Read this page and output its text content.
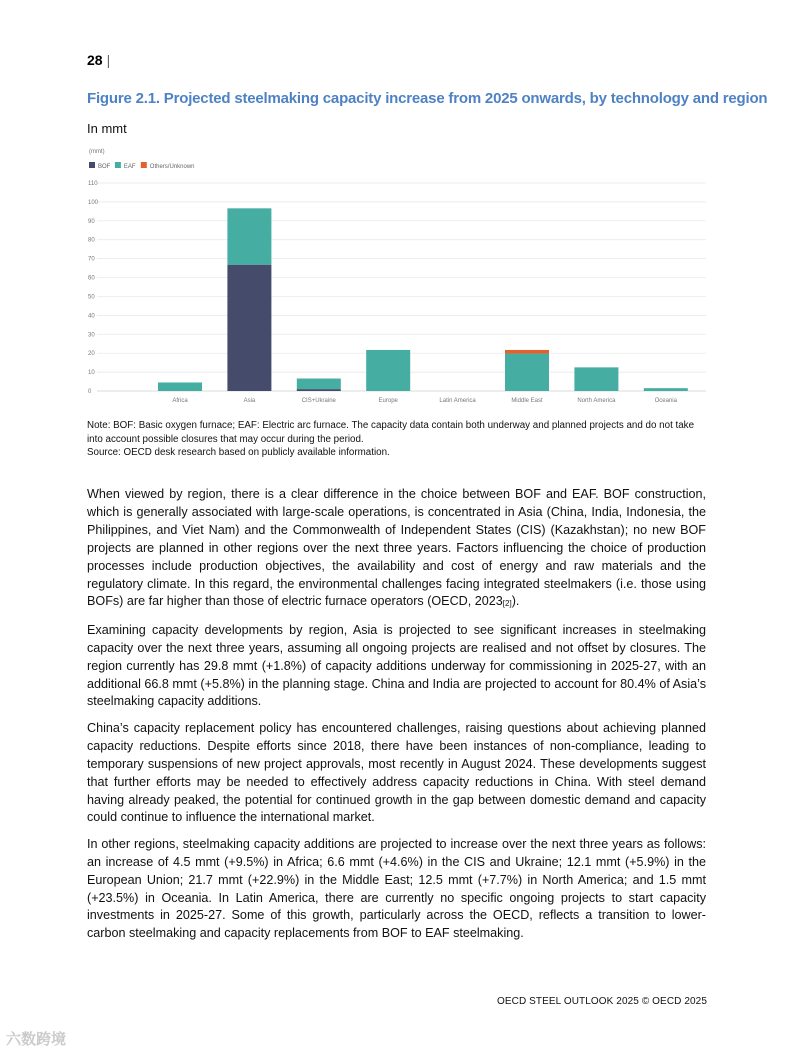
28 |
Figure 2.1. Projected steelmaking capacity increase from 2025 onwards, by technology and region
In mmt
(mmt)
BOF EAF Others/Unknown
0
10
20
30
40
50
60
70
80
90
100
110
Africa	Asia	CIS+Ukraine	Europe	Latin America	Middle East	North America	Oceania
Note: BOF: Basic oxygen furnace; EAF: Electric arc furnace. The capacity data contain both underway and planned projects and do not take
into account possible closures that may occur during the period.
Source: OECD desk research based on publicly available information.

When viewed by region, there is a clear difference in the choice between BOF and EAF. BOF construction, which is generally associated with large-scale operations, is concentrated in Asia (China, India, Indonesia, the Philippines, and Viet Nam) and the Commonwealth of Independent States (CIS) (Kazakhstan); no new BOF projects are planned in other regions over the next three years. Factors influencing the choice of production processes include production objectives, the availability and cost of energy and raw materials and the regulatory climate. In this regard, the environmental challenges facing integrated steelmakers (i.e. those using BOFs) are far higher than those of electric furnace operators (OECD, $2023_{[2]}$).

Examining capacity developments by region, Asia is projected to see significant increases in steelmaking capacity over the next three years, assuming all ongoing projects are realised and not offset by closures. The region currently has 29.8 mmt (+1.8%) of capacity additions underway for commissioning in 2025-27, with an additional 66.8 mmt (+5.8%) in the planning stage. China and India are projected to account for 80.4% of Asia’s steelmaking capacity additions.

China’s capacity replacement policy has encountered challenges, raising questions about achieving planned capacity reductions. Despite efforts since 2018, there have been instances of non-compliance, leading to temporary suspensions of new project approvals, most recently in August 2024. These developments suggest that further efforts may be needed to effectively address capacity reductions in China. With steel demand having already peaked, the potential for continued growth in the gap between domestic demand and capacity could continue to influence the international market.

In other regions, steelmaking capacity additions are projected to increase over the next three years as follows: an increase of 4.5 mmt (+9.5%) in Africa; 6.6 mmt (+4.6%) in the CIS and Ukraine; 12.1 mmt (+5.9%) in the European Union; 21.7 mmt (+22.9%) in the Middle East; 12.5 mmt (+7.7%) in North America; and 1.5 mmt (+23.5%) in Oceania. In Latin America, there are currently no specific ongoing projects to start capacity investments in 2025-27. Some of this growth, particularly across the OECD, reflects a transition to lower-carbon steelmaking and capacity replacements from BOF to EAF steelmaking.

OECD STEEL OUTLOOK 2025 © OECD 2025
六数跨境
